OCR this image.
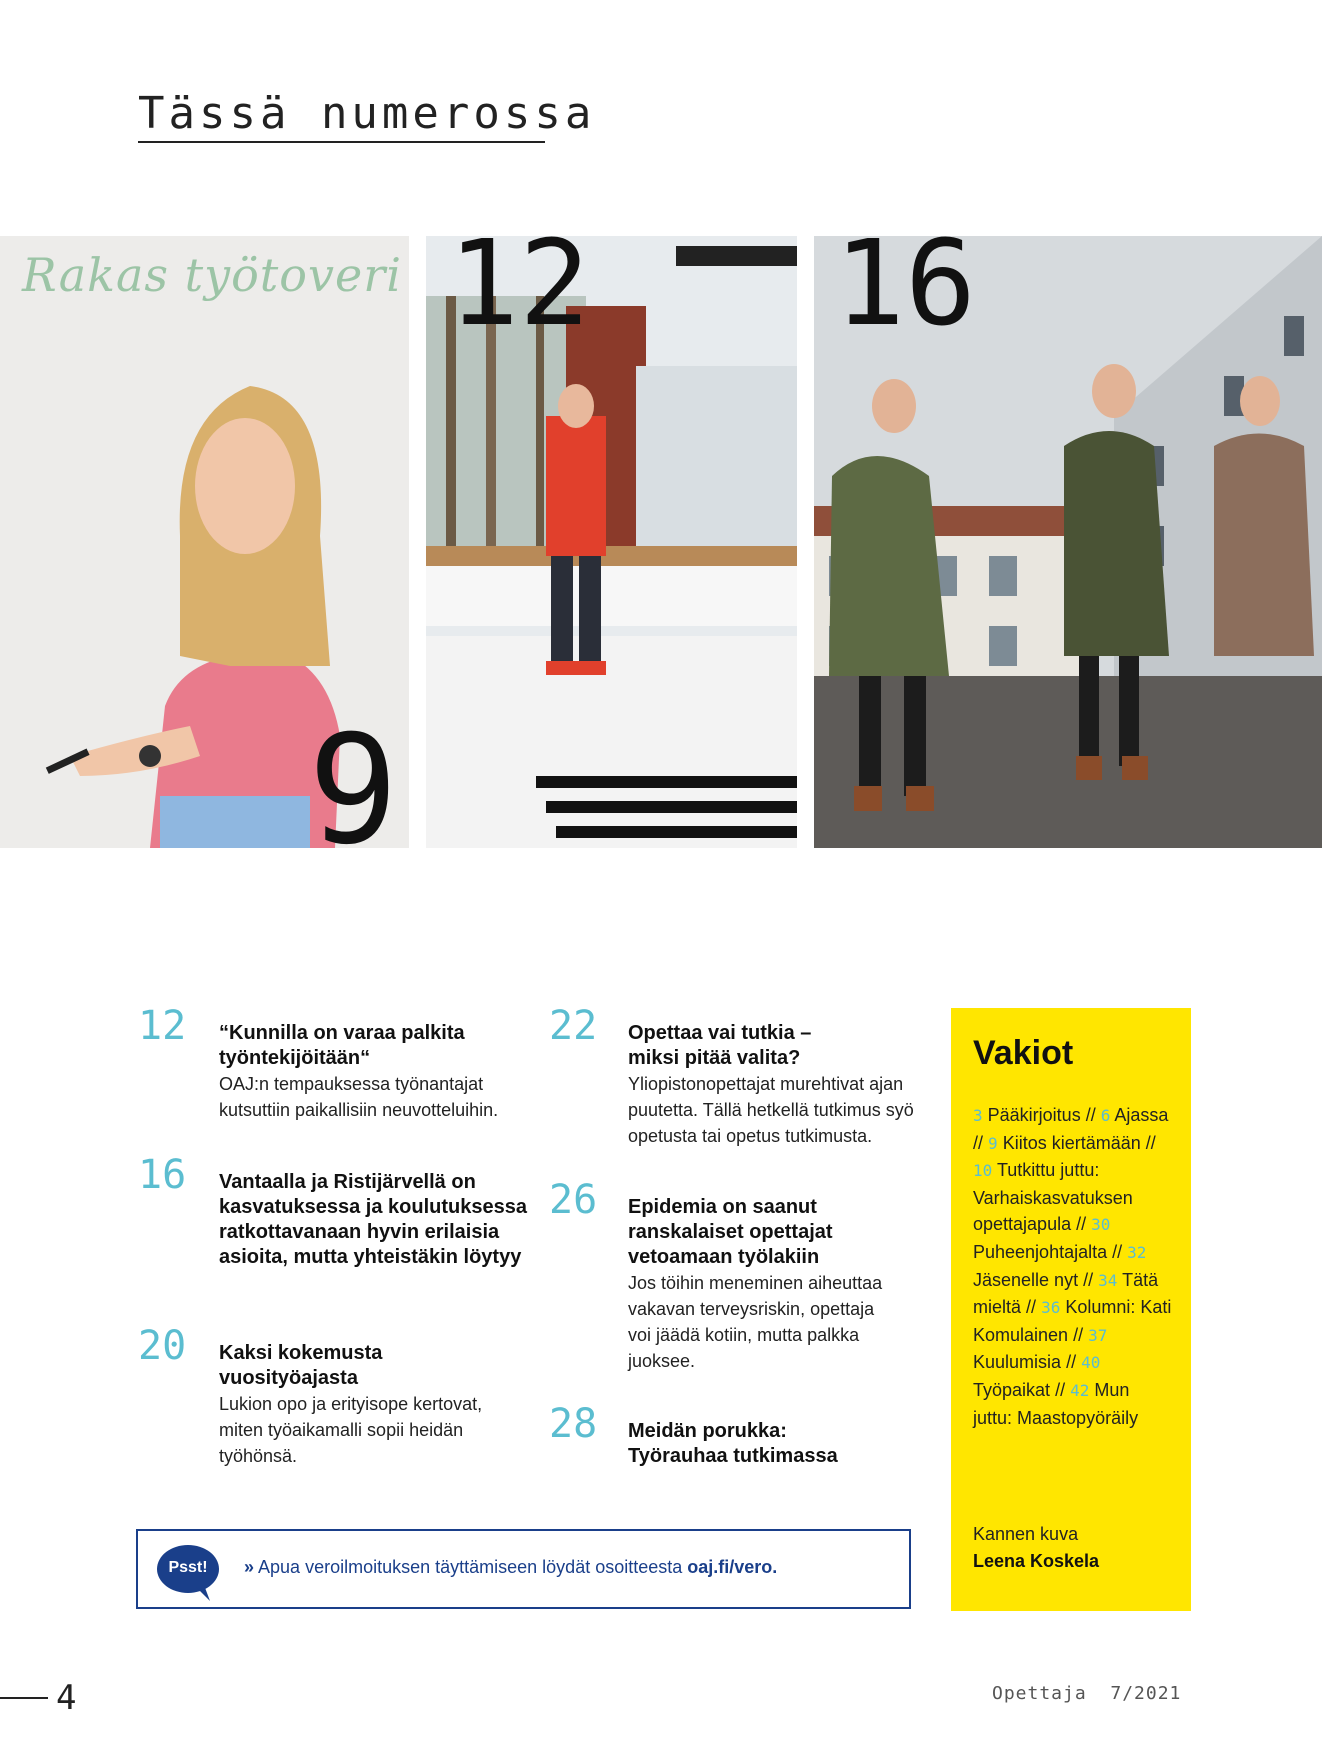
Tässä numerossa
Rakas työtoveri
9
12 16
12 “Kunnilla on varaa palkita työntekijöitään“
OAJ:n tempauksessa työnantajat kutsuttiin paikallisiin neuvotteluihin.
16 Vantaalla ja Ristijärvellä on kasvatuksessa ja koulutuksessa ratkottavanaan hyvin erilaisia asioita, mutta yhteistäkin löytyy
20 Kaksi kokemusta vuosityöajasta
Lukion opo ja erityisope kertovat, miten työaikamalli sopii heidän työhönsä.
22 Opettaa vai tutkia – miksi pitää valita?
Yliopistonopettajat murehtivat ajan puutetta. Tällä hetkellä tutkimus syö opetusta tai opetus tutkimusta.
26 Epidemia on saanut ranskalaiset opettajat vetoamaan työlakiin
Jos töihin meneminen aiheuttaa vakavan terveysriskin, opettaja voi jäädä kotiin, mutta palkka juoksee.
28 Meidän porukka: Työrauhaa tutkimassa
Vakiot
3 Pääkirjoitus // 6 Ajassa // 9 Kiitos kiertämään // 10 Tutkittu juttu: Varhaiskasvatuksen opettajapula // 30 Puheenjohtajalta // 32 Jäsenelle nyt // 34 Tätä mieltä // 36 Kolumni: Kati Komulainen // 37 Kuulumisia // 40 Työpaikat // 42 Mun juttu: Maastopyöräily
Kannen kuva
Leena Koskela
Psst!	» Apua veroilmoituksen täyttämiseen löydät osoitteesta oaj.fi/vero.
4	Opettaja  7/2021
